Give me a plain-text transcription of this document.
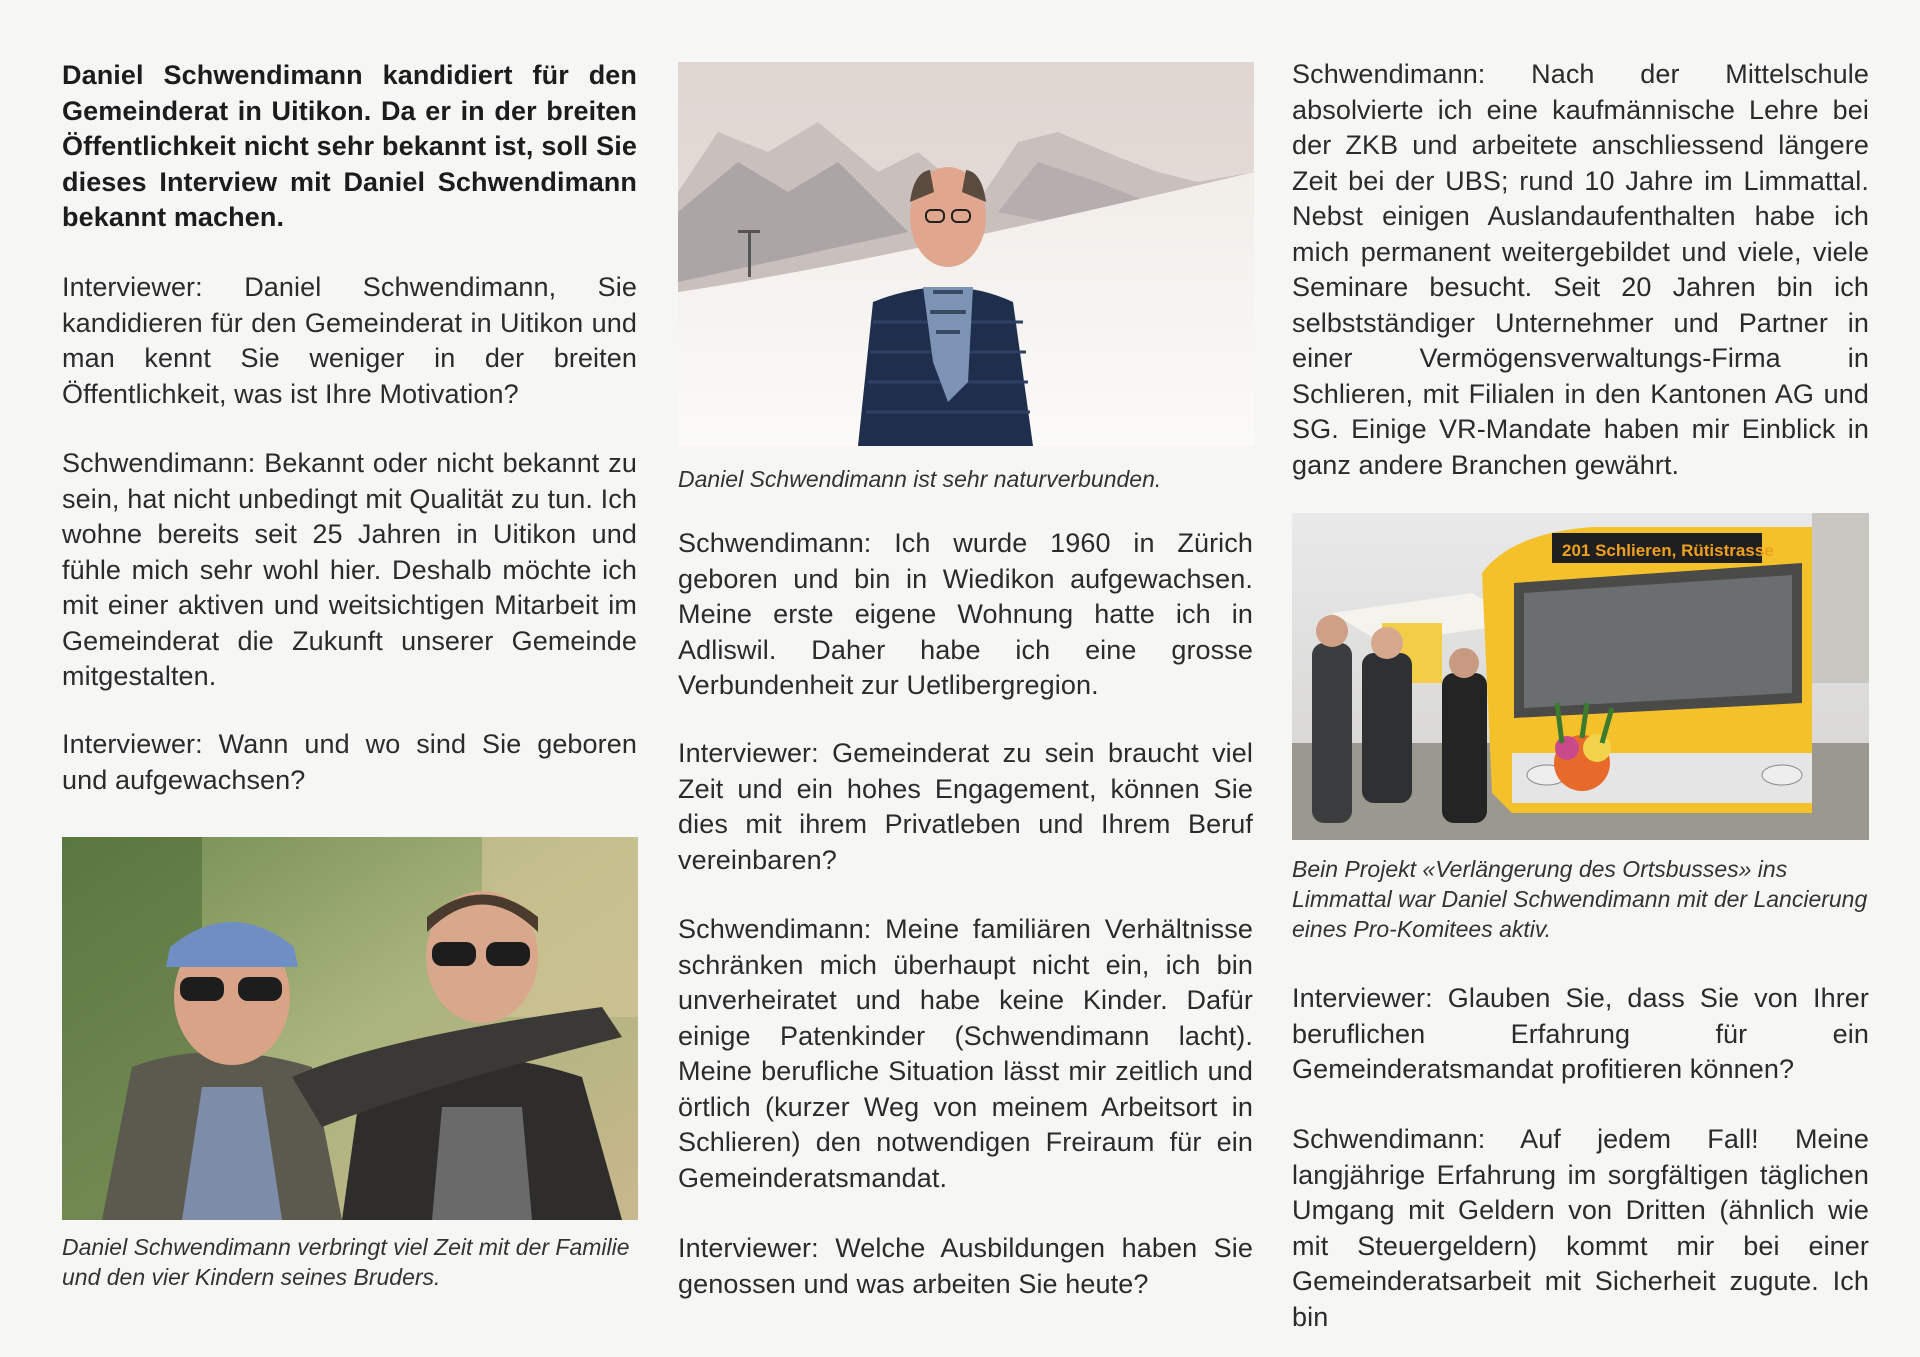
Daniel Schwendimann kandidiert für den Gemeinderat in Uitikon. Da er in der breiten Öffentlichkeit nicht sehr bekannt ist, soll Sie dieses Interview mit Daniel Schwendimann bekannt machen.

Interviewer: Daniel Schwendimann, Sie kandidieren für den Gemeinderat in Uitikon und man kennt Sie weniger in der breiten Öffentlichkeit, was ist Ihre Motivation?

Schwendimann: Bekannt oder nicht bekannt zu sein, hat nicht unbedingt mit Qualität zu tun. Ich wohne bereits seit 25 Jahren in Uitikon und fühle mich sehr wohl hier. Deshalb möchte ich mit einer aktiven und weitsichtigen Mitarbeit im Gemeinderat die Zukunft unserer Gemeinde mitgestalten.

Interviewer: Wann und wo sind Sie geboren und aufgewachsen?

Daniel Schwendimann verbringt viel Zeit mit der Familie und den vier Kindern seines Bruders.

Daniel Schwendimann ist sehr naturverbunden.

Schwendimann: Ich wurde 1960 in Zürich geboren und bin in Wiedikon aufgewachsen. Meine erste eigene Wohnung hatte ich in Adliswil. Daher habe ich eine grosse Verbundenheit zur Uetlibergregion.

Interviewer: Gemeinderat zu sein braucht viel Zeit und ein hohes Engagement, können Sie dies mit ihrem Privatleben und Ihrem Beruf vereinbaren?

Schwendimann: Meine familiären Verhältnisse schränken mich überhaupt nicht ein, ich bin unverheiratet und habe keine Kinder. Dafür einige Patenkinder (Schwendimann lacht). Meine berufliche Situation lässt mir zeitlich und örtlich (kurzer Weg von meinem Arbeitsort in Schlieren) den notwendigen Freiraum für ein Gemeinderatsmandat.

Interviewer: Welche Ausbildungen haben Sie genossen und was arbeiten Sie heute?

Schwendimann: Nach der Mittelschule absolvierte ich eine kaufmännische Lehre bei der ZKB und arbeitete anschliessend längere Zeit bei der UBS; rund 10 Jahre im Limmattal. Nebst einigen Auslandaufenthalten habe ich mich permanent weitergebildet und viele, viele Seminare besucht. Seit 20 Jahren bin ich selbstständiger Unternehmer und Partner in einer Vermögensverwaltungs-Firma in Schlieren, mit Filialen in den Kantonen AG und SG. Einige VR-Mandate haben mir Einblick in ganz andere Branchen gewährt.

201 Schlieren, Rütistrasse

Bein Projekt «Verlängerung des Ortsbusses» ins Limmattal war Daniel Schwendimann mit der Lancierung eines Pro-Komitees aktiv.

Interviewer: Glauben Sie, dass Sie von Ihrer beruflichen Erfahrung für ein Gemeinderatsmandat profitieren können?

Schwendimann: Auf jedem Fall! Meine langjährige Erfahrung im sorgfältigen täglichen Umgang mit Geldern von Dritten (ähnlich wie mit Steuergeldern) kommt mir bei einer Gemeinderatsarbeit mit Sicherheit zugute. Ich bin
